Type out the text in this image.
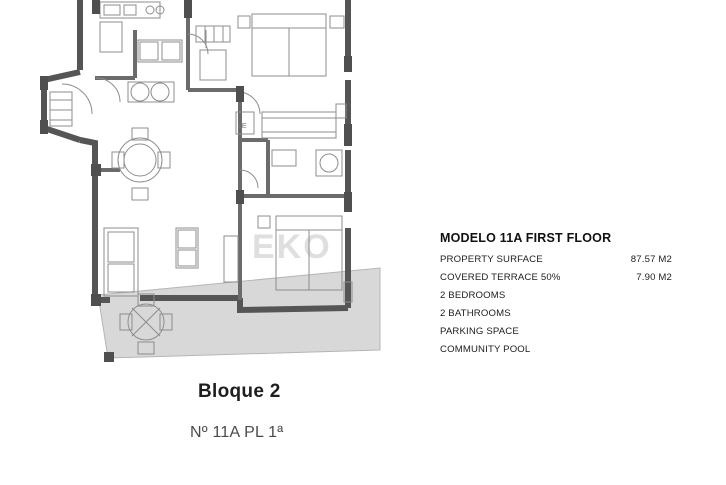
LE
EKO
Bloque 2
Nº 11A PL 1ª
MODELO 11A FIRST FLOOR
PROPERTY SURFACE	87.57 M2
COVERED TERRACE 50%	7.90 M2
2 BEDROOMS
2 BATHROOMS
PARKING SPACE
COMMUNITY POOL
